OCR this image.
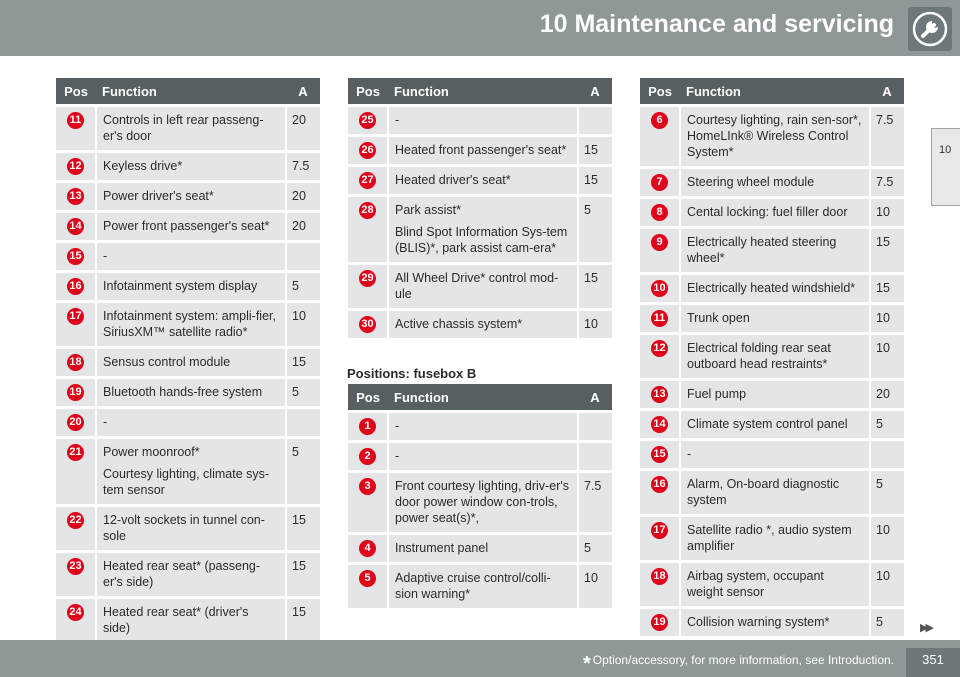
10 Maintenance and servicing
10
Pos	Function	A
11	Controls in left rear passeng-er's door	20
12	Keyless drive*	7.5
13	Power driver's seat*	20
14	Power front passenger's seat*	20
15	-	
16	Infotainment system display	5
17	Infotainment system: ampli-fier, SiriusXM™ satellite radio*	10
18	Sensus control module	15
19	Bluetooth hands-free system	5
20	-	
21	Power moonroof*
Courtesy lighting, climate sys-tem sensor	5
22	12-volt sockets in tunnel con-sole	15
23	Heated rear seat* (passeng-er's side)	15
24	Heated rear seat* (driver's side)	15
Pos	Function	A
25	-	
26	Heated front passenger's seat*	15
27	Heated driver's seat*	15
28	Park assist*
Blind Spot Information Sys-tem (BLIS)*, park assist cam-era*	5
29	All Wheel Drive* control mod-ule	15
30	Active chassis system*	10
Positions: fusebox B
Pos	Function	A
1	-	
2	-	
3	Front courtesy lighting, driv-er's door power window con-trols, power seat(s)*,	7.5
4	Instrument panel	5
5	Adaptive cruise control/colli-sion warning*	10
Pos	Function	A
6	Courtesy lighting, rain sen-sor*, HomeLInk® Wireless Control System*	7.5
7	Steering wheel module	7.5
8	Cental locking: fuel filler door	10
9	Electrically heated steering wheel*	15
10	Electrically heated windshield*	15
11	Trunk open	10
12	Electrical folding rear seat outboard head restraints*	10
13	Fuel pump	20
14	Climate system control panel	5
15	-	
16	Alarm, On-board diagnostic system	5
17	Satellite radio *, audio system amplifier	10
18	Airbag system, occupant weight sensor	10
19	Collision warning system*	5	▶▶
* Option/accessory, for more information, see Introduction.	351
